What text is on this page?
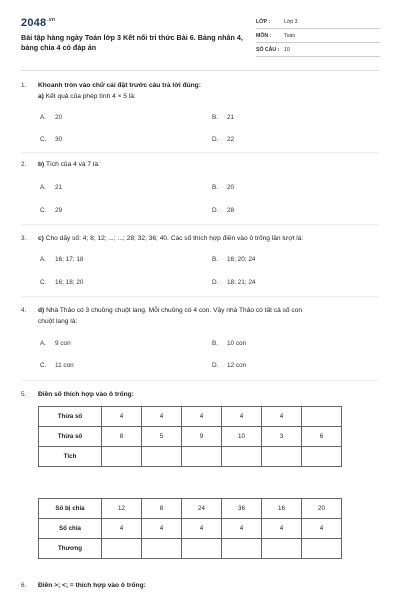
$2048^{.vn}$
Bài tập hàng ngày Toán lớp 3 Kết nối tri thức Bài 6. Bảng nhân 4, bảng chia 4 có đáp án
LỚP :	Lớp 3
MÔN : Toán
SỐ CÂU : 10
1. Khoanh tròn vào chữ cái đặt trước câu trả lời đúng:
a) Kết quả của phép tính 4 × 5 là:
A. 20	B. 21
C. 30	D. 22
2. b) Tích của 4 và 7 là:
A. 21	B. 20
C. 29	D. 28
3. c) Cho dãy số: 4; 8; 12; ...; ...; 28; 32; 36; 40. Các số thích hợp điền vào ô trống lần lượt là:
A. 16; 17; 18	B. 16; 20; 24
C. 16; 18; 20	D. 18; 21; 24
4. d) Nhà Thảo có 3 chuồng chuột lang. Mỗi chuồng có 4 con. Vậy nhà Thảo có tất cả số con
chuột lang là:
A. 9 con	B. 10 con
C. 11 con	D. 12 con
5. Điền số thích hợp vào ô trống:
Thừa số	4	4	4	4	4	
Thừa số	8	5	9	10	3	6
Tích						
Số bị chia	12	8	24	36	16	20
Số chia	4	4	4	4	4	4
Thương						
6. Điền >; <; = thích hợp vào ô trống:
